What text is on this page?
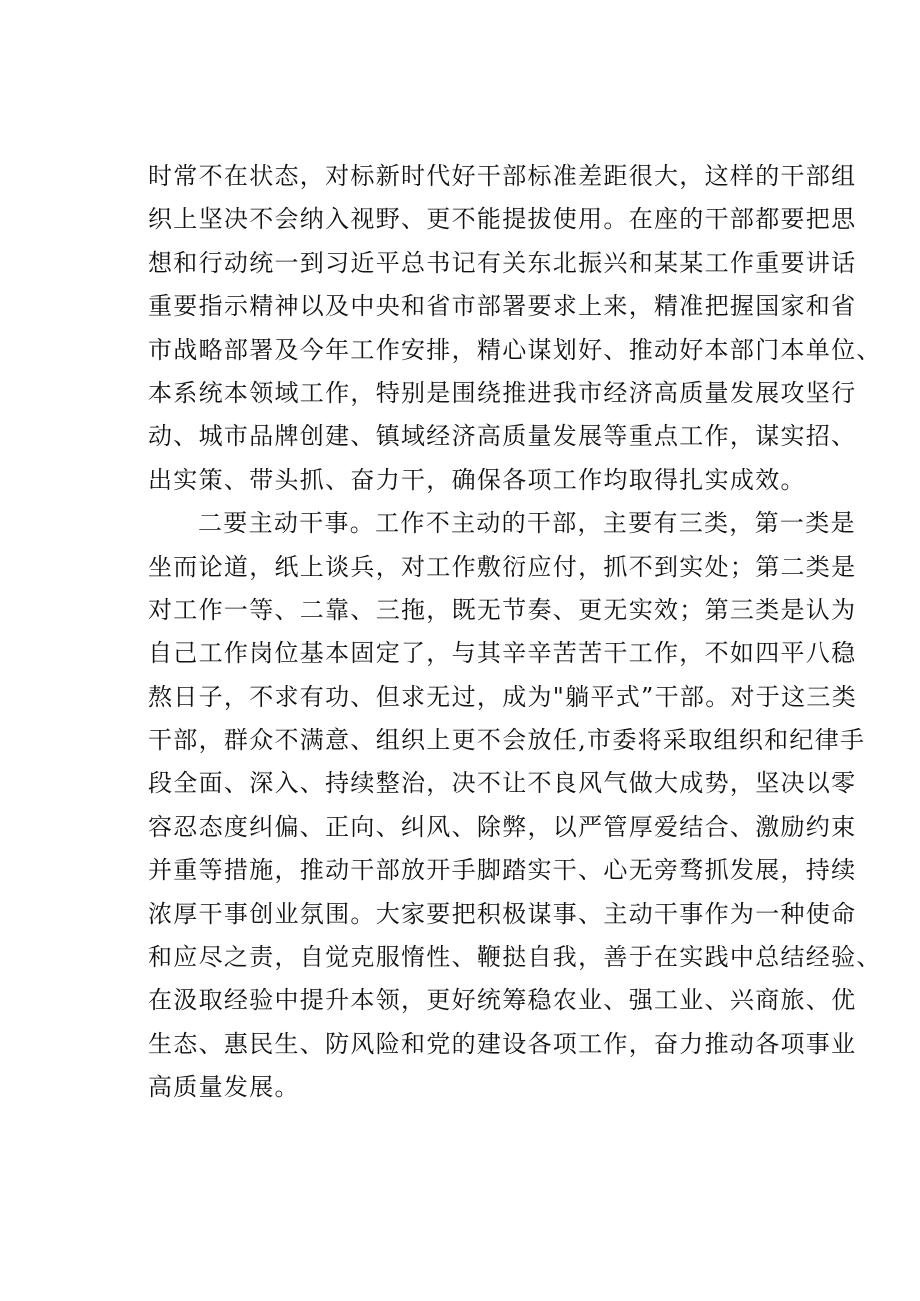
时常不在状态，对标新时代好干部标准差距很大，这样的干部组
织上坚决不会纳入视野、更不能提拔使用。在座的干部都要把思
想和行动统一到习近平总书记有关东北振兴和某某工作重要讲话
重要指示精神以及中央和省市部署要求上来，精准把握国家和省
市战略部署及今年工作安排，精心谋划好、推动好本部门本单位、
本系统本领域工作，特别是围绕推进我市经济高质量发展攻坚行
动、城市品牌创建、镇域经济高质量发展等重点工作，谋实招、
出实策、带头抓、奋力干，确保各项工作均取得扎实成效。
二要主动干事。工作不主动的干部，主要有三类，第一类是
坐而论道，纸上谈兵，对工作敷衍应付，抓不到实处；第二类是
对工作一等、二靠、三拖，既无节奏、更无实效；第三类是认为
自己工作岗位基本固定了，与其辛辛苦苦干工作，不如四平八稳
熬日子，不求有功、但求无过，成为"躺平式”干部。对于这三类
干部，群众不满意、组织上更不会放任,市委将采取组织和纪律手
段全面、深入、持续整治，决不让不良风气做大成势，坚决以零
容忍态度纠偏、正向、纠风、除弊，以严管厚爱结合、激励约束
并重等措施，推动干部放开手脚踏实干、心无旁骛抓发展，持续
浓厚干事创业氛围。大家要把积极谋事、主动干事作为一种使命
和应尽之责，自觉克服惰性、鞭挞自我，善于在实践中总结经验、
在汲取经验中提升本领，更好统筹稳农业、强工业、兴商旅、优
生态、惠民生、防风险和党的建设各项工作，奋力推动各项事业
高质量发展。
